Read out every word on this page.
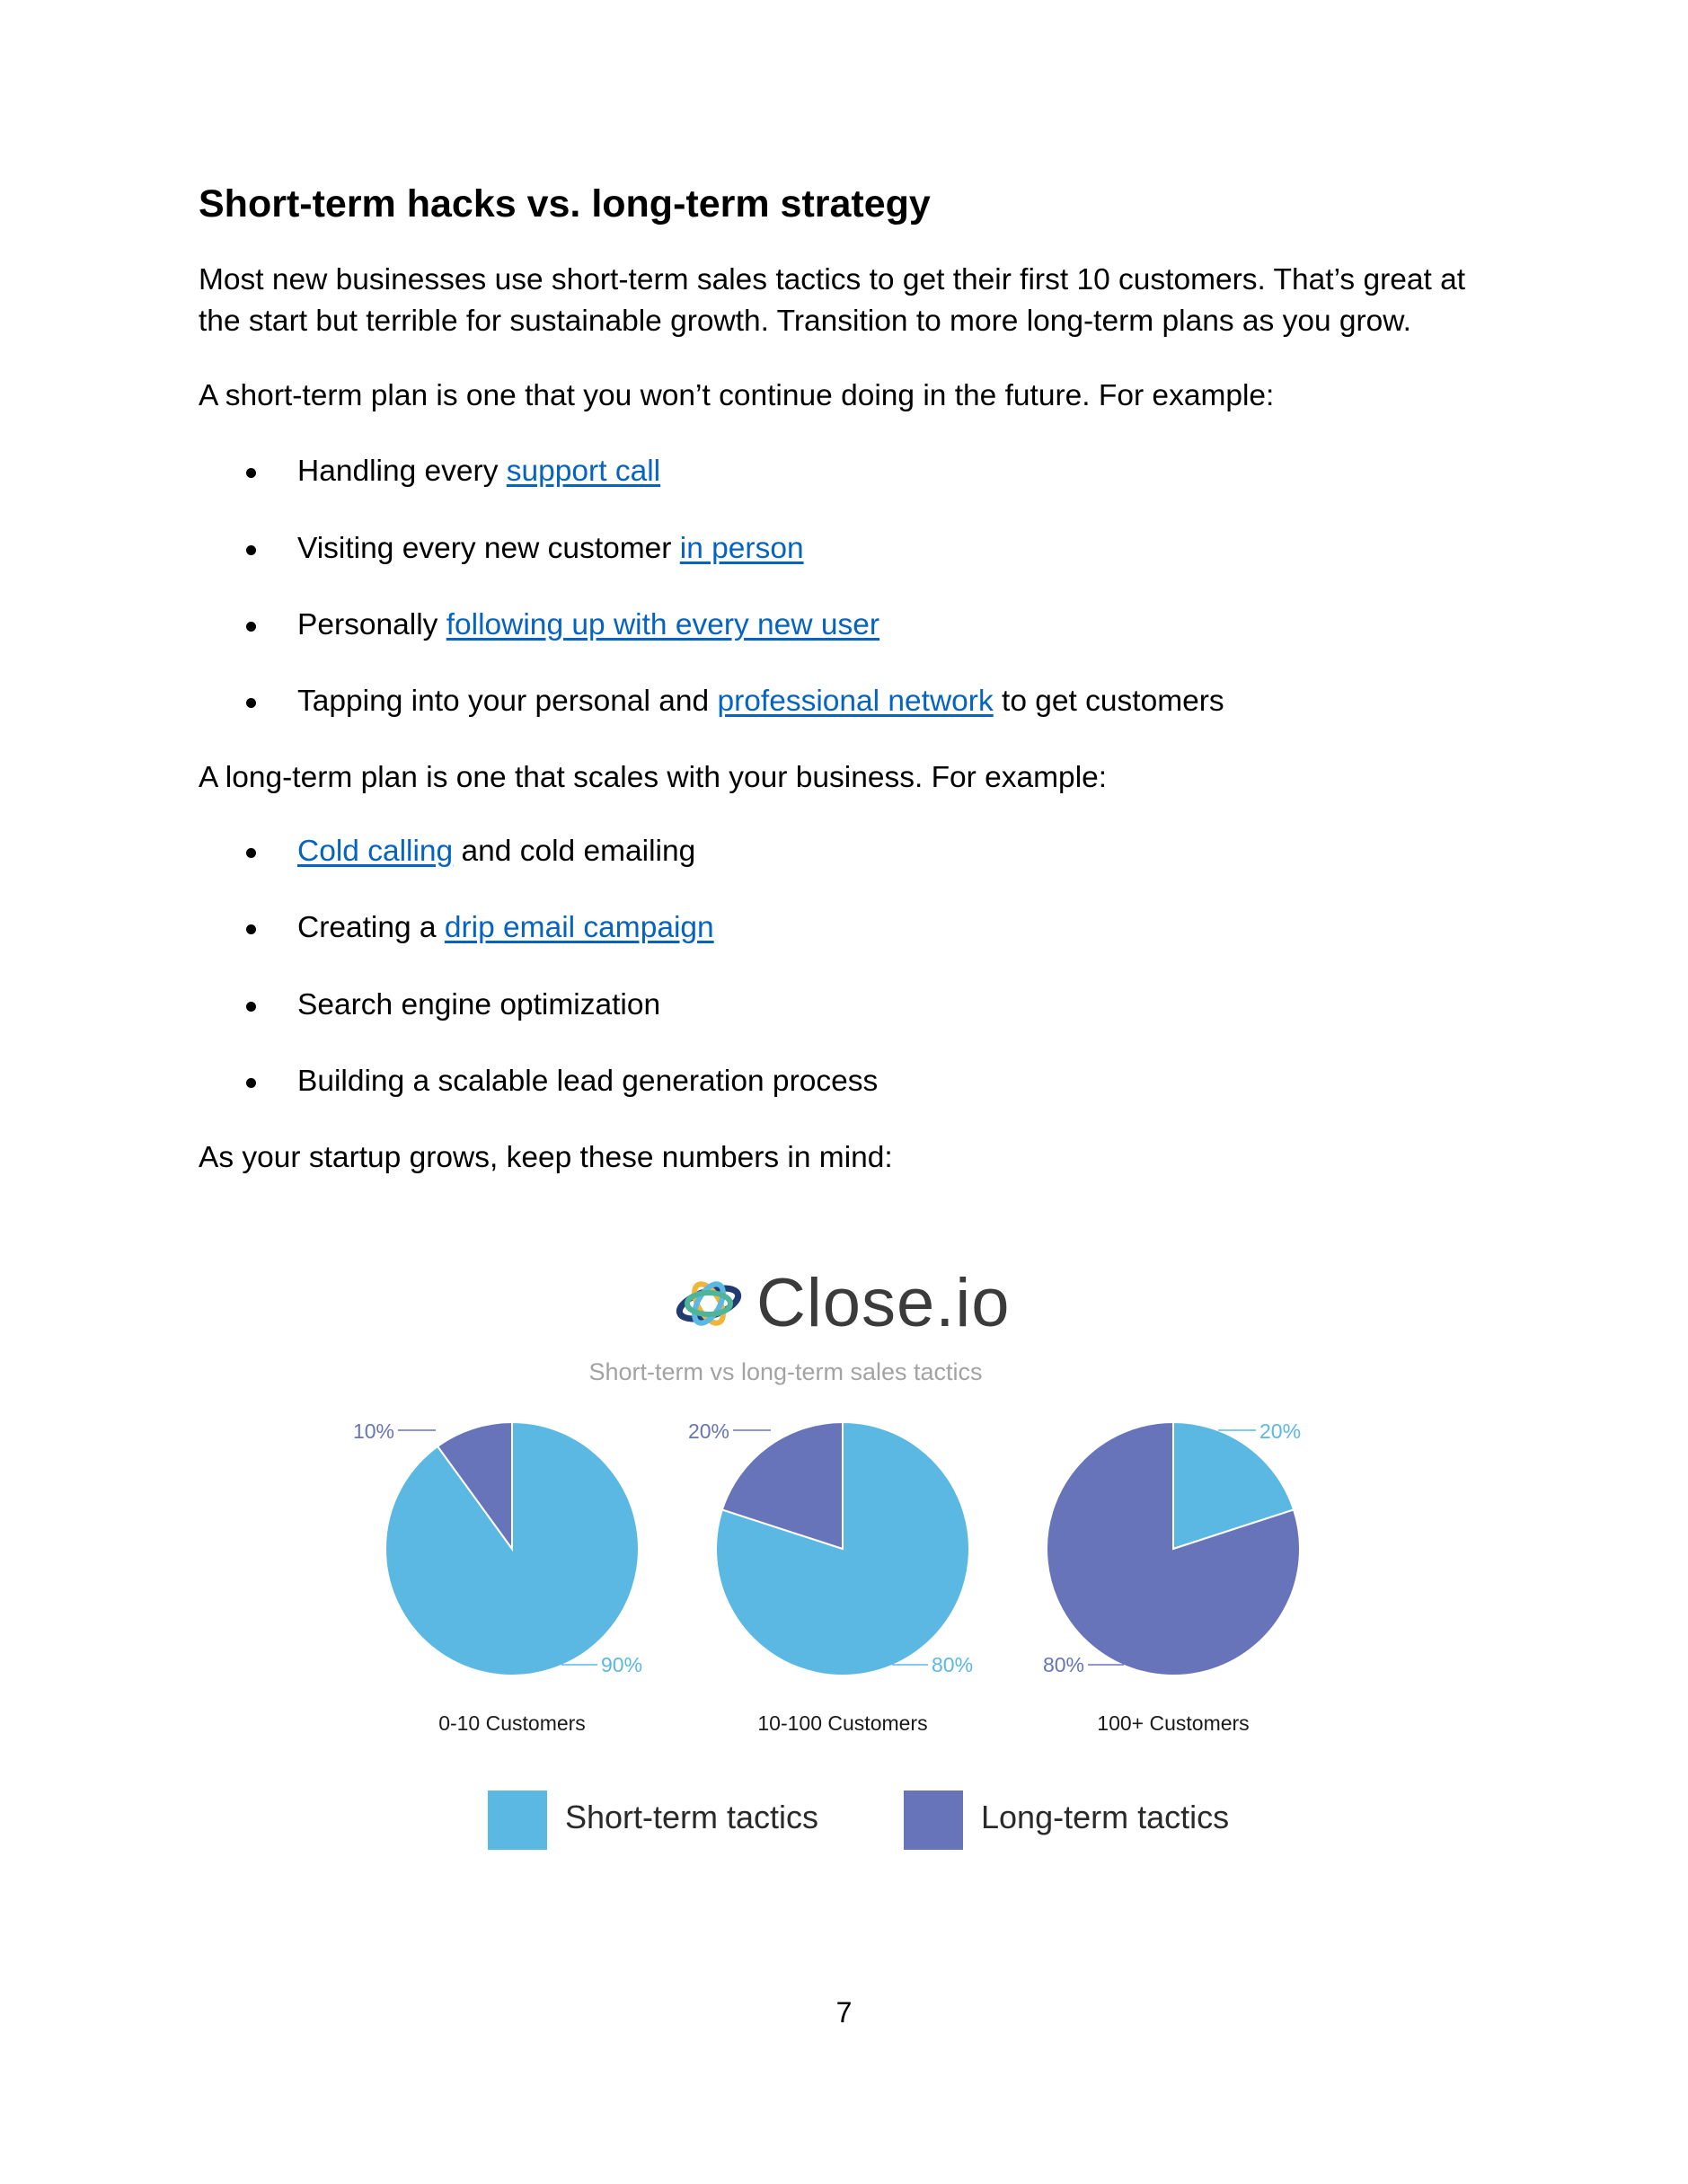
Short-term hacks vs. long-term strategy

Most new businesses use short-term sales tactics to get their first 10 customers. That’s great at

the start but terrible for sustainable growth. Transition to more long-term plans as you grow.

A short-term plan is one that you won’t continue doing in the future. For example:

Handling every support call
Visiting every new customer in person
Personally following up with every new user
Tapping into your personal and professional network to get customers

A long-term plan is one that scales with your business. For example:

Cold calling and cold emailing
Creating a drip email campaign
Search engine optimization
Building a scalable lead generation process

As your startup grows, keep these numbers in mind:

Close.io

Short-term vs long-term sales tactics

0-10 Customers
10%
90%
10-100 Customers
20%
80%
100+ Customers
20%
80%
Short-term tactics	Long-term tactics
7
